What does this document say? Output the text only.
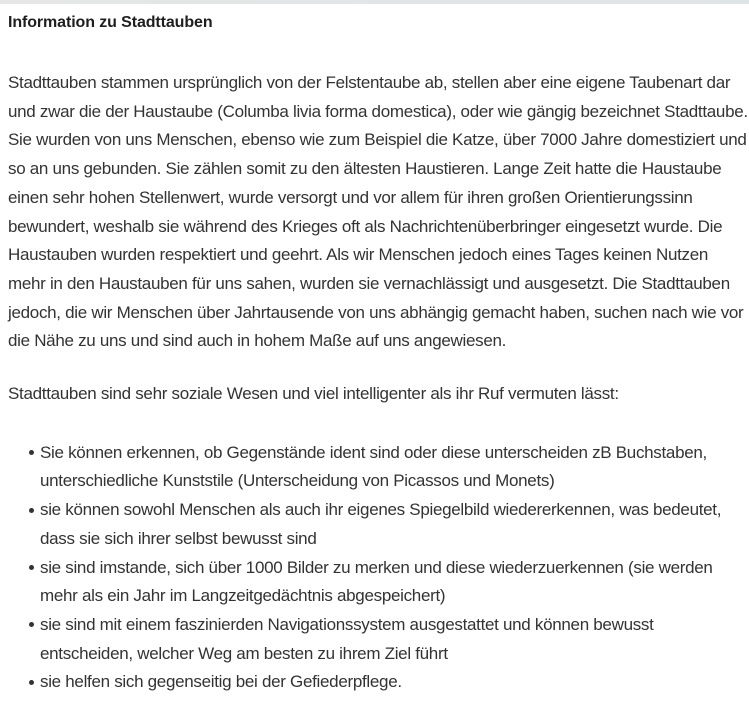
Information zu Stadttauben

Stadttauben stammen ursprünglich von der Felstentaube ab, stellen aber eine eigene Taubenart dar und zwar die der Haustaube (Columba livia forma domestica), oder wie gängig bezeichnet Stadttaube. Sie wurden von uns Menschen, ebenso wie zum Beispiel die Katze, über 7000 Jahre domestiziert und so an uns gebunden. Sie zählen somit zu den ältesten Haustieren. Lange Zeit hatte die Haustaube einen sehr hohen Stellenwert, wurde versorgt und vor allem für ihren großen Orientierungssinn bewundert, weshalb sie während des Krieges oft als Nachrichtenüberbringer eingesetzt wurde. Die Haustauben wurden respektiert und geehrt. Als wir Menschen jedoch eines Tages keinen Nutzen mehr in den Haustauben für uns sahen, wurden sie vernachlässigt und ausgesetzt. Die Stadttauben jedoch, die wir Menschen über Jahrtausende von uns abhängig gemacht haben, suchen nach wie vor die Nähe zu uns und sind auch in hohem Maße auf uns angewiesen.

Stadttauben sind sehr soziale Wesen und viel intelligenter als ihr Ruf vermuten lässt:

Sie können erkennen, ob Gegenstände ident sind oder diese unterscheiden zB Buchstaben, unterschiedliche Kunststile (Unterscheidung von Picassos und Monets)
sie können sowohl Menschen als auch ihr eigenes Spiegelbild wiedererkennen, was bedeutet, dass sie sich ihrer selbst bewusst sind
sie sind imstande, sich über 1000 Bilder zu merken und diese wiederzuerkennen (sie werden mehr als ein Jahr im Langzeitgedächtnis abgespeichert)
sie sind mit einem faszinierden Navigationssystem ausgestattet und können bewusst entscheiden, welcher Weg am besten zu ihrem Ziel führt
sie helfen sich gegenseitig bei der Gefiederpflege.
